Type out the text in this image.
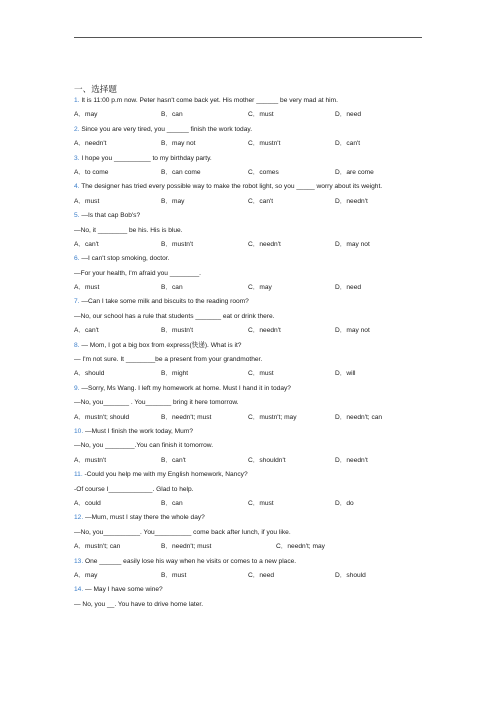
一、选择题
1. It is 11:00 p.m now. Peter hasn't come back yet. His mother ______ be very mad at him.
A．may	B．can	C．must	D．need
2. Since you are very tired, you ______ finish the work today.
A．needn't	B．may not	C．mustn't	D．can't
3. I hope you __________ to my birthday party.
A．to come	B．can come	C．comes	D．are come
4. The designer has tried every possible way to make the robot light, so you _____ worry about its weight.
A．must	B．may	C．can't	D．needn't
5. —Is that cap Bob's?
—No, it ________ be his. His is blue.
A．can't	B．mustn't	C．needn't	D．may not
6. —I can't stop smoking, doctor.
—For your health, I'm afraid you ________.
A．must	B．can	C．may	D．need
7. —Can I take some milk and biscuits to the reading room?
—No, our school has a rule that students _______ eat or drink there.
A．can't	B．mustn't	C．needn't	D．may not
8. — Mom, I got a big box from express(快递). What is it?
— I'm not sure. It ________be a present from your grandmother.
A．should	B．might	C．must	D．will
9. —Sorry, Ms Wang. I left my homework at home. Must I hand it in today?
—No, you_______ . You_______ bring it here tomorrow.
A．mustn't; should	B．needn't; must	C．mustn't; may	D．needn't; can
10. —Must I finish the work today, Mum?
—No, you ________.You can finish it tomorrow.
A．mustn't	B．can't	C．shouldn't	D．needn't
11. -Could you help me with my English homework, Nancy?
-Of course I____________. Glad to help.
A．could	B．can	C．must	D．do
12. —Mum, must I stay there the whole day?
—No, you__________. You__________ come back after lunch, if you like.
A．mustn't; can	B．needn't; must	C．needn't; may
13. One ______ easily lose his way when he visits or comes to a new place.
A．may	B．must	C．need	D．should
14. — May I have some wine?
— No, you __. You have to drive home later.
